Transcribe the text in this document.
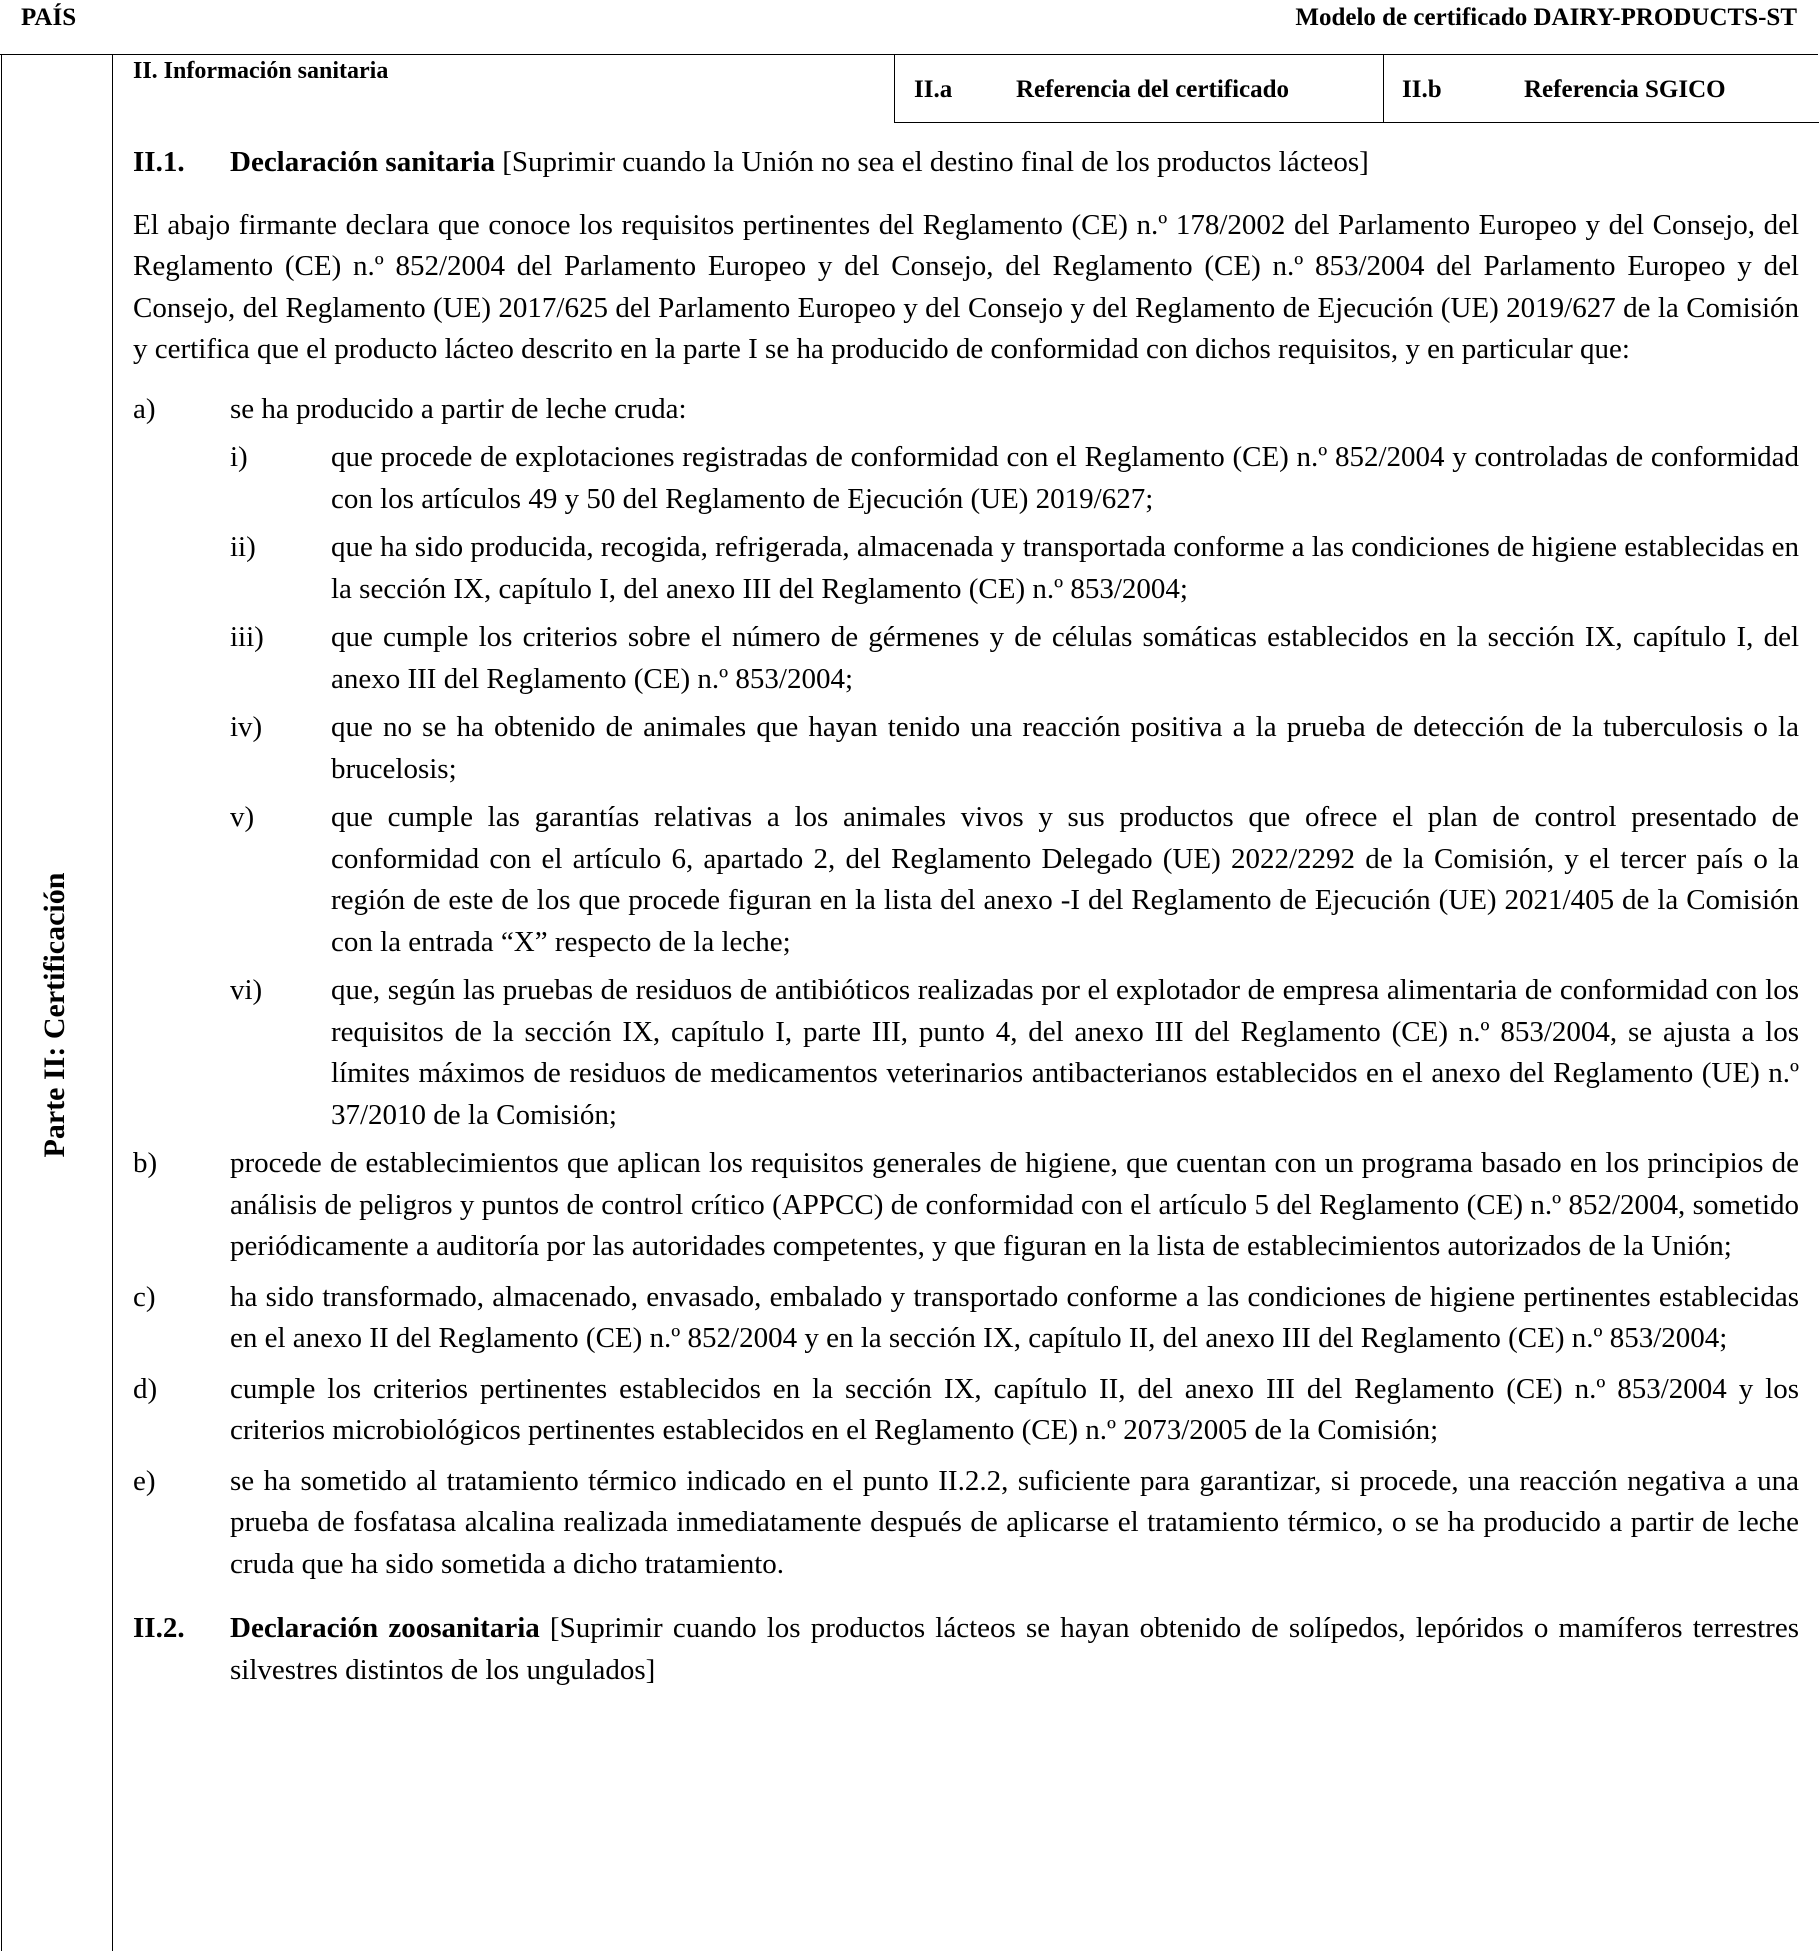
PAÍS	Modelo de certificado DAIRY-PRODUCTS-ST
Parte II: Certificación
II. Información sanitaria
II.a	Referencia del certificado	II.b	Referencia SGICO
II.1.	Declaración sanitaria [Suprimir cuando la Unión no sea el destino final de los productos lácteos]
El abajo firmante declara que conoce los requisitos pertinentes del Reglamento (CE) n.º 178/2002 del Parlamento Europeo y del Consejo, del Reglamento (CE) n.º 852/2004 del Parlamento Europeo y del Consejo, del Reglamento (CE) n.º 853/2004 del Parlamento Europeo y del Consejo, del Reglamento (UE) 2017/625 del Parlamento Europeo y del Consejo y del Reglamento de Ejecución (UE) 2019/627 de la Comisión y certifica que el producto lácteo descrito en la parte I se ha producido de conformidad con dichos requisitos, y en particular que:
a)	se ha producido a partir de leche cruda:
i)	que procede de explotaciones registradas de conformidad con el Reglamento (CE) n.º 852/2004 y controladas de conformidad con los artículos 49 y 50 del Reglamento de Ejecución (UE) 2019/627;
ii)	que ha sido producida, recogida, refrigerada, almacenada y transportada conforme a las condiciones de higiene establecidas en la sección IX, capítulo I, del anexo III del Reglamento (CE) n.º 853/2004;
iii)	que cumple los criterios sobre el número de gérmenes y de células somáticas establecidos en la sección IX, capítulo I, del anexo III del Reglamento (CE) n.º 853/2004;
iv)	que no se ha obtenido de animales que hayan tenido una reacción positiva a la prueba de detección de la tuberculosis o la brucelosis;
v)	que cumple las garantías relativas a los animales vivos y sus productos que ofrece el plan de control presentado de conformidad con el artículo 6, apartado 2, del Reglamento Delegado (UE) 2022/2292 de la Comisión, y el tercer país o la región de este de los que procede figuran en la lista del anexo -I del Reglamento de Ejecución (UE) 2021/405 de la Comisión con la entrada “X” respecto de la leche;
vi)	que, según las pruebas de residuos de antibióticos realizadas por el explotador de empresa alimentaria de conformidad con los requisitos de la sección IX, capítulo I, parte III, punto 4, del anexo III del Reglamento (CE) n.º 853/2004, se ajusta a los límites máximos de residuos de medicamentos veterinarios antibacterianos establecidos en el anexo del Reglamento (UE) n.º 37/2010 de la Comisión;
b)	procede de establecimientos que aplican los requisitos generales de higiene, que cuentan con un programa basado en los principios de análisis de peligros y puntos de control crítico (APPCC) de conformidad con el artículo 5 del Reglamento (CE) n.º 852/2004, sometido periódicamente a auditoría por las autoridades competentes, y que figuran en la lista de establecimientos autorizados de la Unión;
c)	ha sido transformado, almacenado, envasado, embalado y transportado conforme a las condiciones de higiene pertinentes establecidas en el anexo II del Reglamento (CE) n.º 852/2004 y en la sección IX, capítulo II, del anexo III del Reglamento (CE) n.º 853/2004;
d)	cumple los criterios pertinentes establecidos en la sección IX, capítulo II, del anexo III del Reglamento (CE) n.º 853/2004 y los criterios microbiológicos pertinentes establecidos en el Reglamento (CE) n.º 2073/2005 de la Comisión;
e)	se ha sometido al tratamiento térmico indicado en el punto II.2.2, suficiente para garantizar, si procede, una reacción negativa a una prueba de fosfatasa alcalina realizada inmediatamente después de aplicarse el tratamiento térmico, o se ha producido a partir de leche cruda que ha sido sometida a dicho tratamiento.
II.2.	Declaración zoosanitaria [Suprimir cuando los productos lácteos se hayan obtenido de solípedos, lepóridos o mamíferos terrestres silvestres distintos de los ungulados]
